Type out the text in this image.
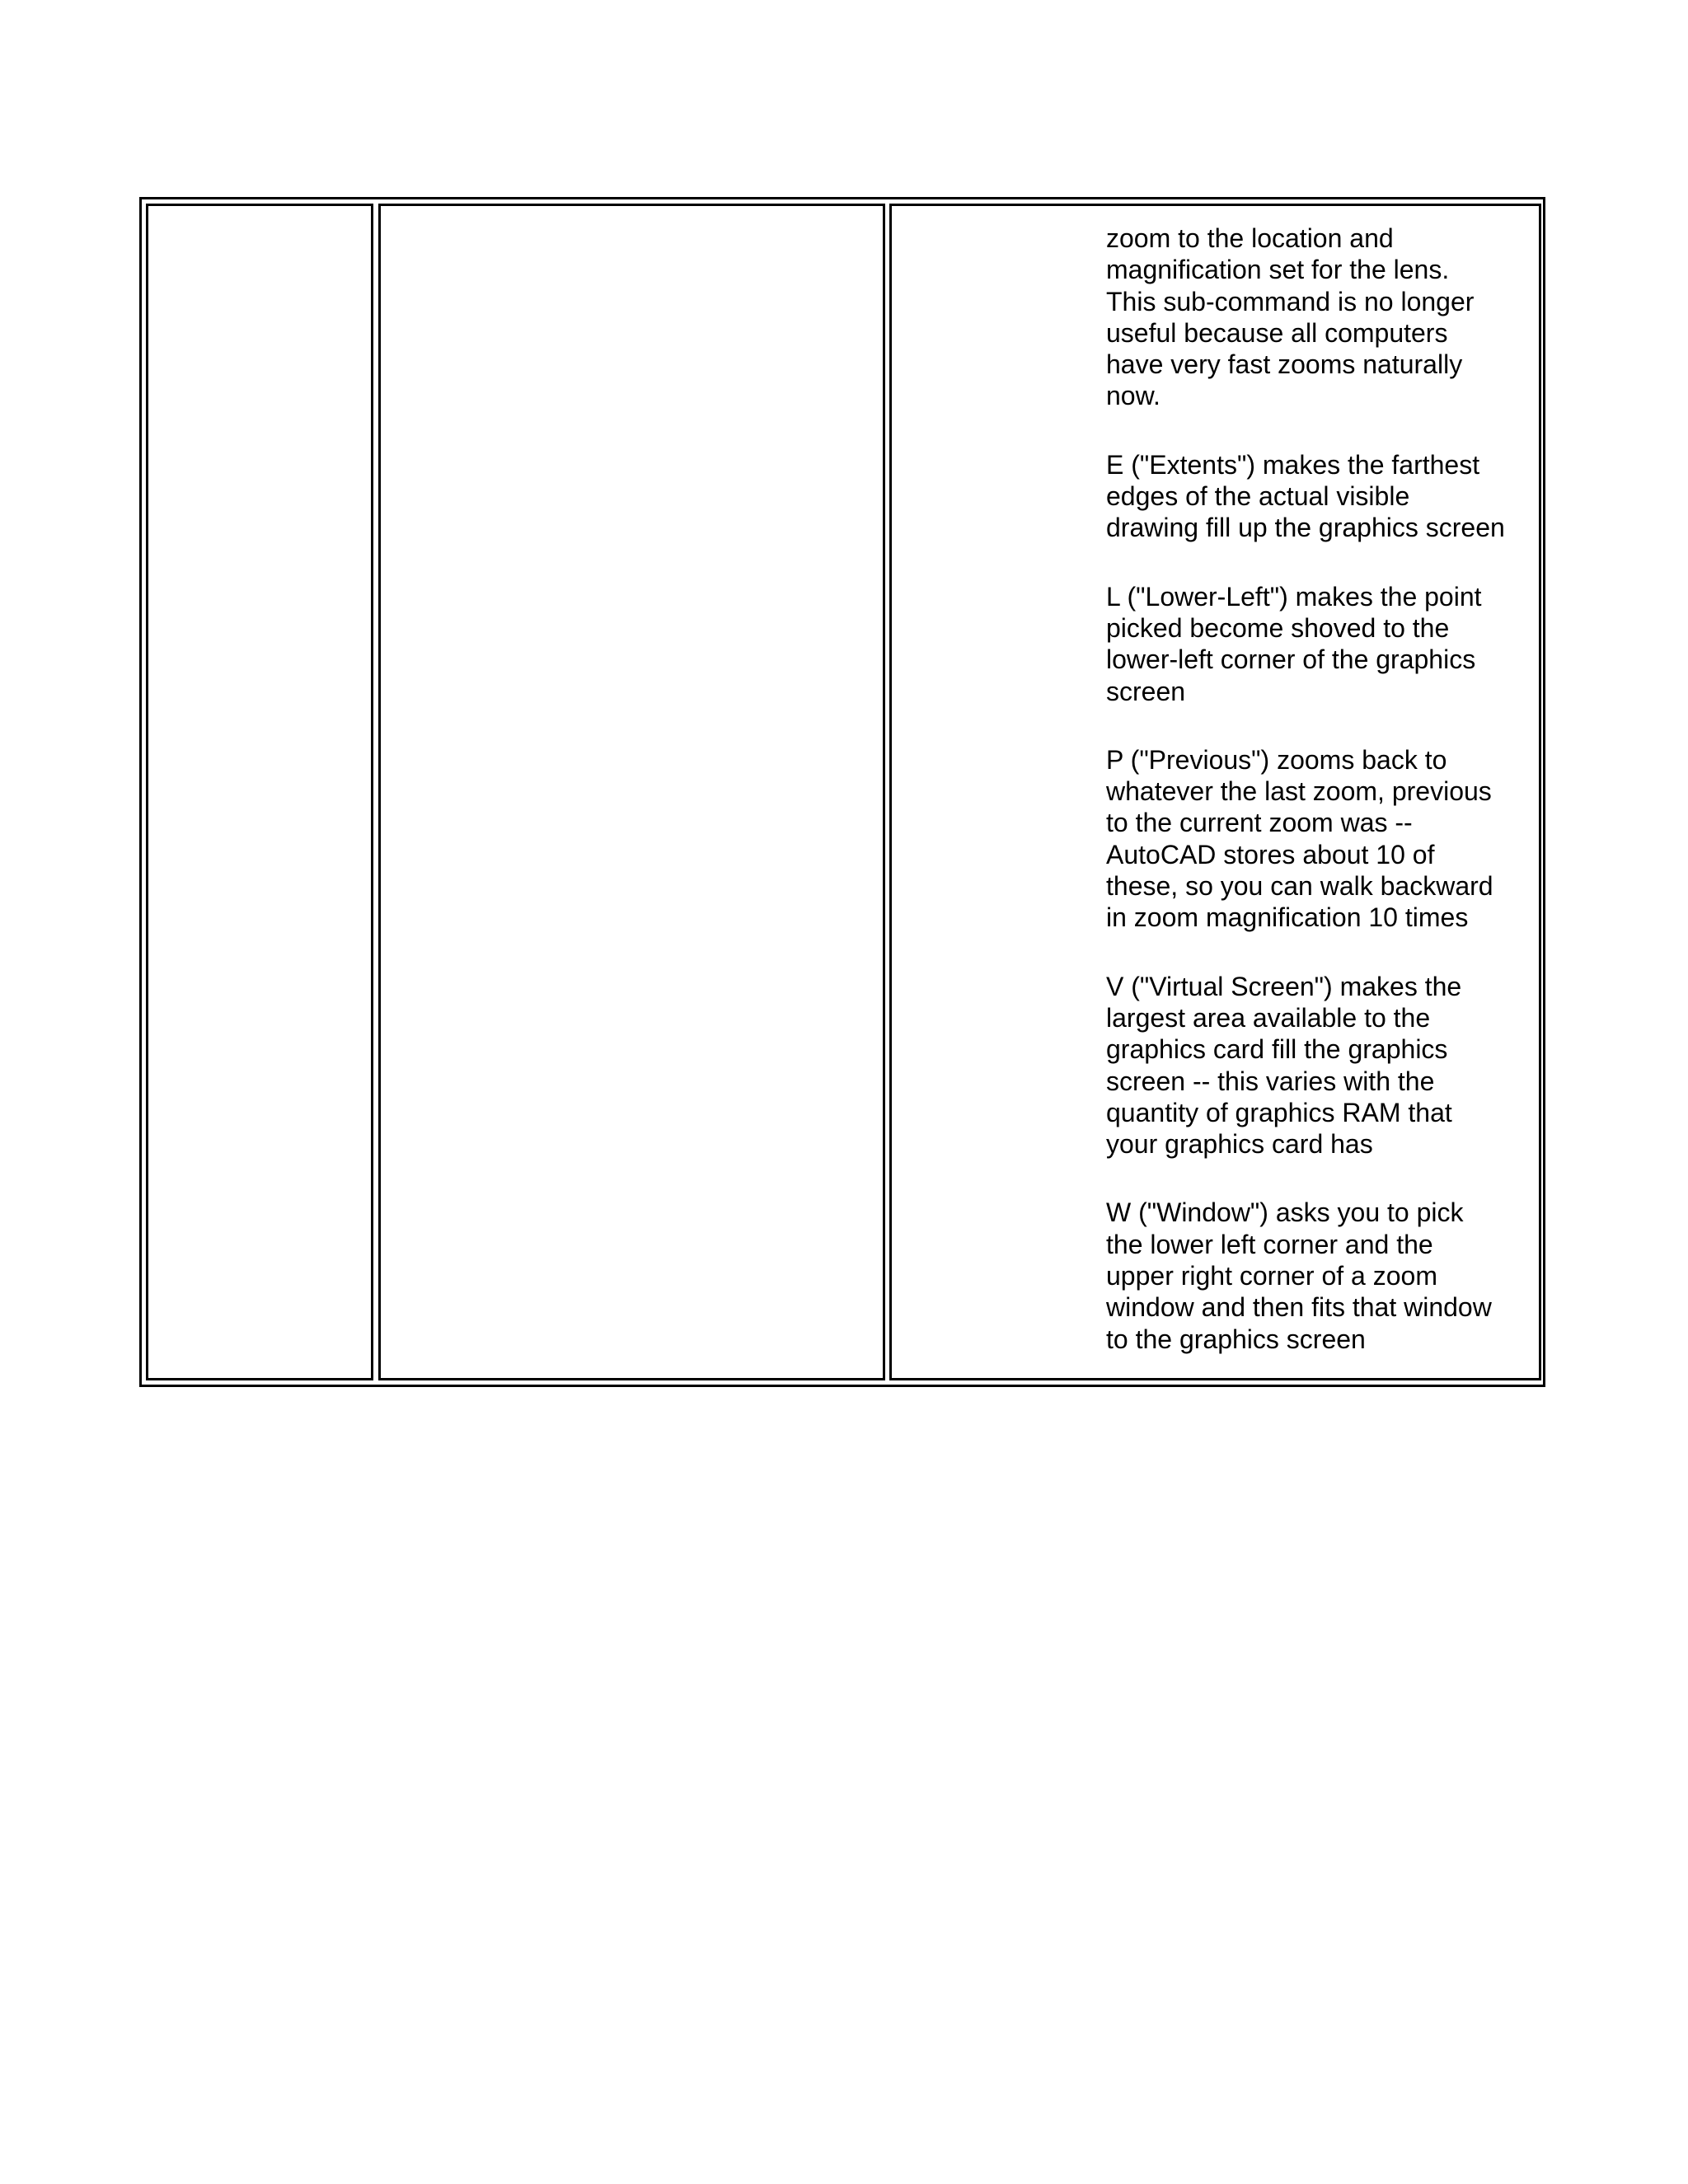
zoom to the location and
magnification set for the lens.
This sub-command is no longer
useful because all computers
have very fast zooms naturally
now.

E ("Extents") makes the farthest
edges of the actual visible
drawing fill up the graphics screen

L ("Lower-Left") makes the point
picked become shoved to the
lower-left corner of the graphics
screen

P ("Previous") zooms back to
whatever the last zoom, previous
to the current zoom was --
AutoCAD stores about 10 of
these, so you can walk backward
in zoom magnification 10 times

V ("Virtual Screen") makes the
largest area available to the
graphics card fill the graphics
screen -- this varies with the
quantity of graphics RAM that
your graphics card has

W ("Window") asks you to pick
the lower left corner and the
upper right corner of a zoom
window and then fits that window
to the graphics screen
